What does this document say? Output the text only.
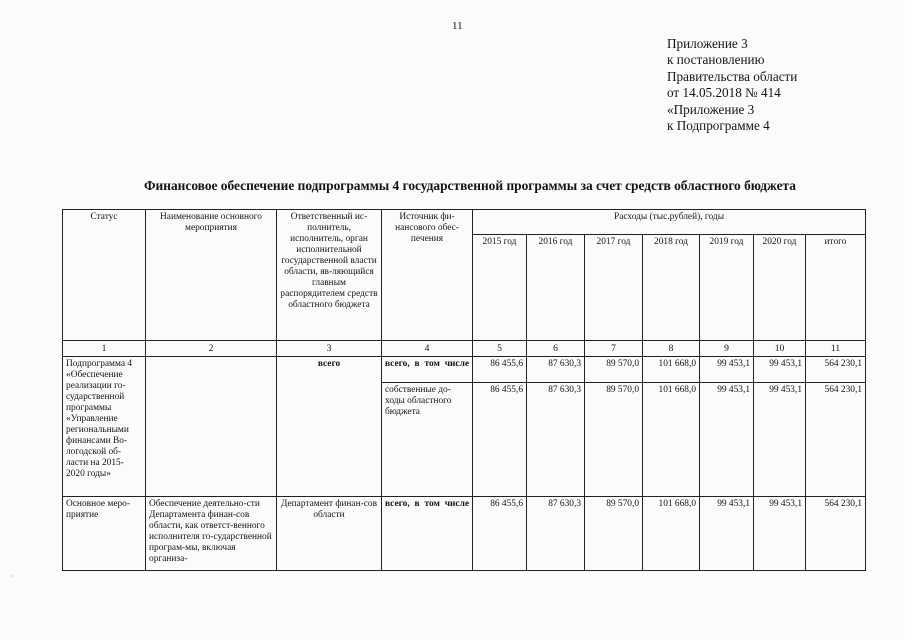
11
Приложение 3
к постановлению
Правительства области
от 14.05.2018 № 414
«Приложение 3
к Подпрограмме 4
Финансовое обеспечение подпрограммы 4 государственной программы за счет средств областного бюджета
Статус	Наименование основного мероприятия	Ответственный ис-полнитель, исполнитель, орган исполнительной государственной власти области, яв-ляющийся главным распорядителем средств областного бюджета	Источник фи-нансового обес-печения	Расходы (тыс.рублей), годы						
				2015 год	2016 год	2017 год	2018 год	2019 год	2020 год	итого
1	2	3	4	5	6	7	8	9	10	11
Подпрограмма 4 «Обеспечение реализации го-сударственной программы «Управление региональными финансами Во-логодской об-ласти на 2015-2020 годы»		всего	всего, в том числе	86 455,6	87 630,3	89 570,0	101 668,0	99 453,1	99 453,1	564 230,1
			собственные до-ходы областного бюджета	86 455,6	87 630,3	89 570,0	101 668,0	99 453,1	99 453,1	564 230,1
Основное меро-приятие	Обеспечение деятельно-сти Департамента финан-сов области, как ответст-венного исполнителя го-сударственной програм-мы, включая организа-	Департамент финан-сов области	всего, в том числе	86 455,6	87 630,3	89 570,0	101 668,0	99 453,1	99 453,1	564 230,1
·
